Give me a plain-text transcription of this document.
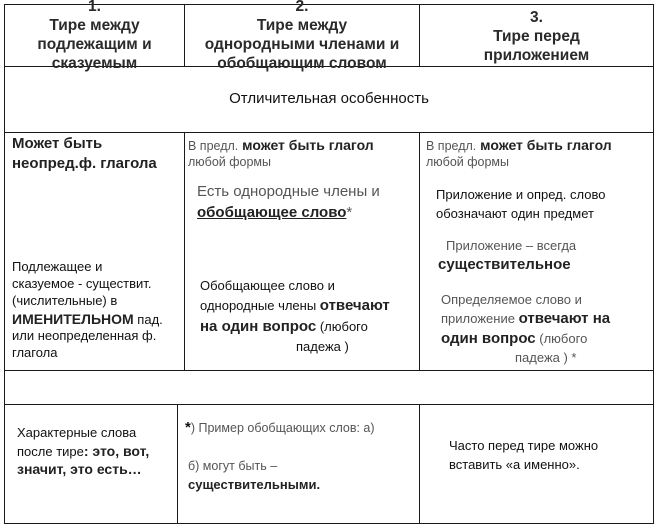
1.
Тире между
подлежащим и
сказуемым
2.
Тире между
однородными членами и
обобщающим словом
3.
Тире перед
приложением
Отличительная особенность
Может быть
неопред.ф. глагола
Подлежащее и
сказуемое - существит.
(числительные) в
ИМЕНИТЕЛЬНОМ пад.
или неопределенная ф.
глагола
Характерные слова
после тире: это, вот,
значит, это есть…
В предл. может быть глагол
любой формы
Есть однородные члены и
обобщающее слово*
Обобщающее слово и
однородные члены отвечают
на один вопрос (любого
падежа )
*) Пример обобщающих слов: а)
б) могут быть –
существительными.
В предл. может быть глагол
любой формы
Приложение и опред. слово
обозначают один предмет
Приложение – всегда
существительное
Определяемое слово и
приложение отвечают на
один вопрос (любого
падежа ) *
Часто перед тире можно
вставить «а именно».
